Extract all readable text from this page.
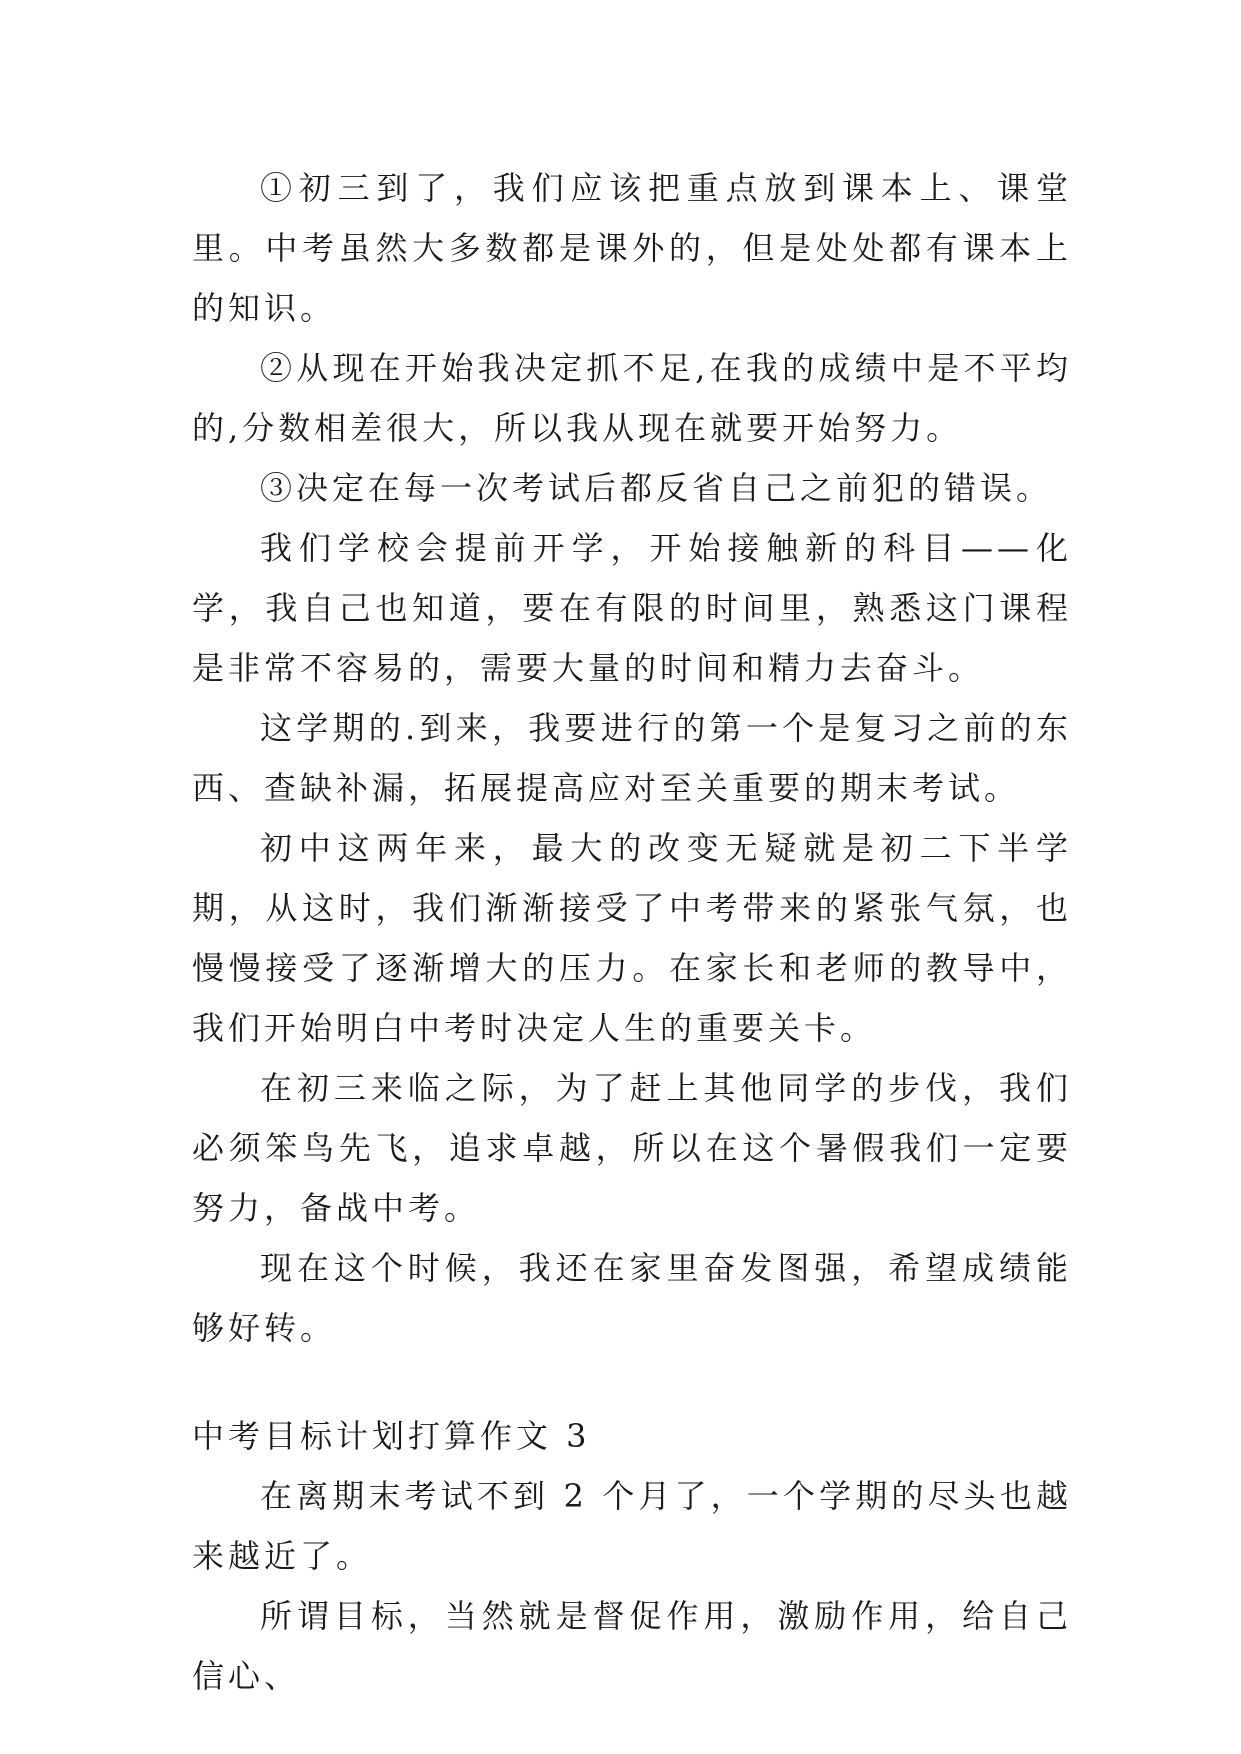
①初三到了，我们应该把重点放到课本上、课堂里。中考虽然大多数都是课外的，但是处处都有课本上的知识。

②从现在开始我决定抓不足,在我的成绩中是不平均的,分数相差很大，所以我从现在就要开始努力。

③决定在每一次考试后都反省自己之前犯的错误。

我们学校会提前开学，开始接触新的科目——化学，我自己也知道，要在有限的时间里，熟悉这门课程是非常不容易的，需要大量的时间和精力去奋斗。

这学期的.到来，我要进行的第一个是复习之前的东西、查缺补漏，拓展提高应对至关重要的期末考试。

初中这两年来，最大的改变无疑就是初二下半学期，从这时，我们渐渐接受了中考带来的紧张气氛，也慢慢接受了逐渐增大的压力。在家长和老师的教导中，我们开始明白中考时决定人生的重要关卡。

在初三来临之际，为了赶上其他同学的步伐，我们必须笨鸟先飞，追求卓越，所以在这个暑假我们一定要努力，备战中考。

现在这个时候，我还在家里奋发图强，希望成绩能够好转。

中考目标计划打算作文 3

在离期末考试不到 2 个月了，一个学期的尽头也越来越近了。

所谓目标，当然就是督促作用，激励作用，给自己信心、
